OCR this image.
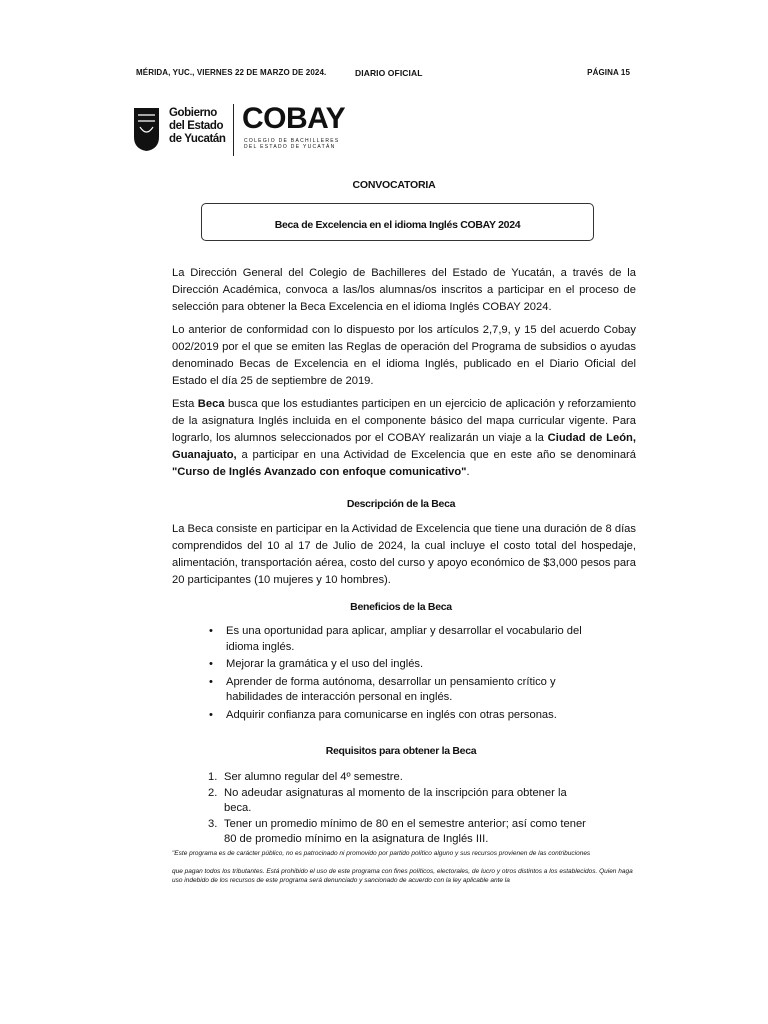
MÉRIDA, YUC., VIERNES 22 DE MARZO DE 2024.	DIARIO OFICIAL	PÁGINA 15
Gobierno
del Estado
de Yucatán
COBAY
COLEGIO DE BACHILLERES
DEL ESTADO DE YUCATÁN
CONVOCATORIA
Beca de Excelencia en el idioma Inglés COBAY 2024
La Dirección General del Colegio de Bachilleres del Estado de Yucatán, a través de la Dirección Académica, convoca a las/los alumnas/os inscritos a participar en el proceso de selección para obtener la Beca Excelencia en el idioma Inglés COBAY 2024.
Lo anterior de conformidad con lo dispuesto por los artículos 2,7,9, y 15 del acuerdo Cobay 002/2019 por el que se emiten las Reglas de operación del Programa de subsidios o ayudas denominado Becas de Excelencia en el idioma Inglés, publicado en el Diario Oficial del Estado el día 25 de septiembre de 2019.
Esta Beca busca que los estudiantes participen en un ejercicio de aplicación y reforzamiento de la asignatura Inglés incluida en el componente básico del mapa curricular vigente. Para lograrlo, los alumnos seleccionados por el COBAY realizarán un viaje a la Ciudad de León, Guanajuato, a participar en una Actividad de Excelencia que en este año se denominará "Curso de Inglés Avanzado con enfoque comunicativo".
Descripción de la Beca
La Beca consiste en participar en la Actividad de Excelencia que tiene una duración de 8 días comprendidos del 10 al 17 de Julio de 2024, la cual incluye el costo total del hospedaje, alimentación, transportación aérea, costo del curso y apoyo económico de $3,000 pesos para 20 participantes (10 mujeres y 10 hombres).
Beneficios de la Beca
• Es una oportunidad para aplicar, ampliar y desarrollar el vocabulario del idioma inglés.
• Mejorar la gramática y el uso del inglés.
• Aprender de forma autónoma, desarrollar un pensamiento crítico y habilidades de interacción personal en inglés.
• Adquirir confianza para comunicarse en inglés con otras personas.
Requisitos para obtener la Beca
1. Ser alumno regular del 4º semestre.
2. No adeudar asignaturas al momento de la inscripción para obtener la beca.
3. Tener un promedio mínimo de 80 en el semestre anterior; así como tener 80 de promedio mínimo en la asignatura de Inglés III.
"Este programa es de carácter público, no es patrocinado ni promovido por partido político alguno y sus recursos provienen de las contribuciones
que pagan todos los tributantes. Está prohibido el uso de este programa con fines políticos, electorales, de lucro y otros distintos a los establecidos. Quien haga uso indebido de los recursos de este programa será denunciado y sancionado de acuerdo con la ley aplicable ante la
